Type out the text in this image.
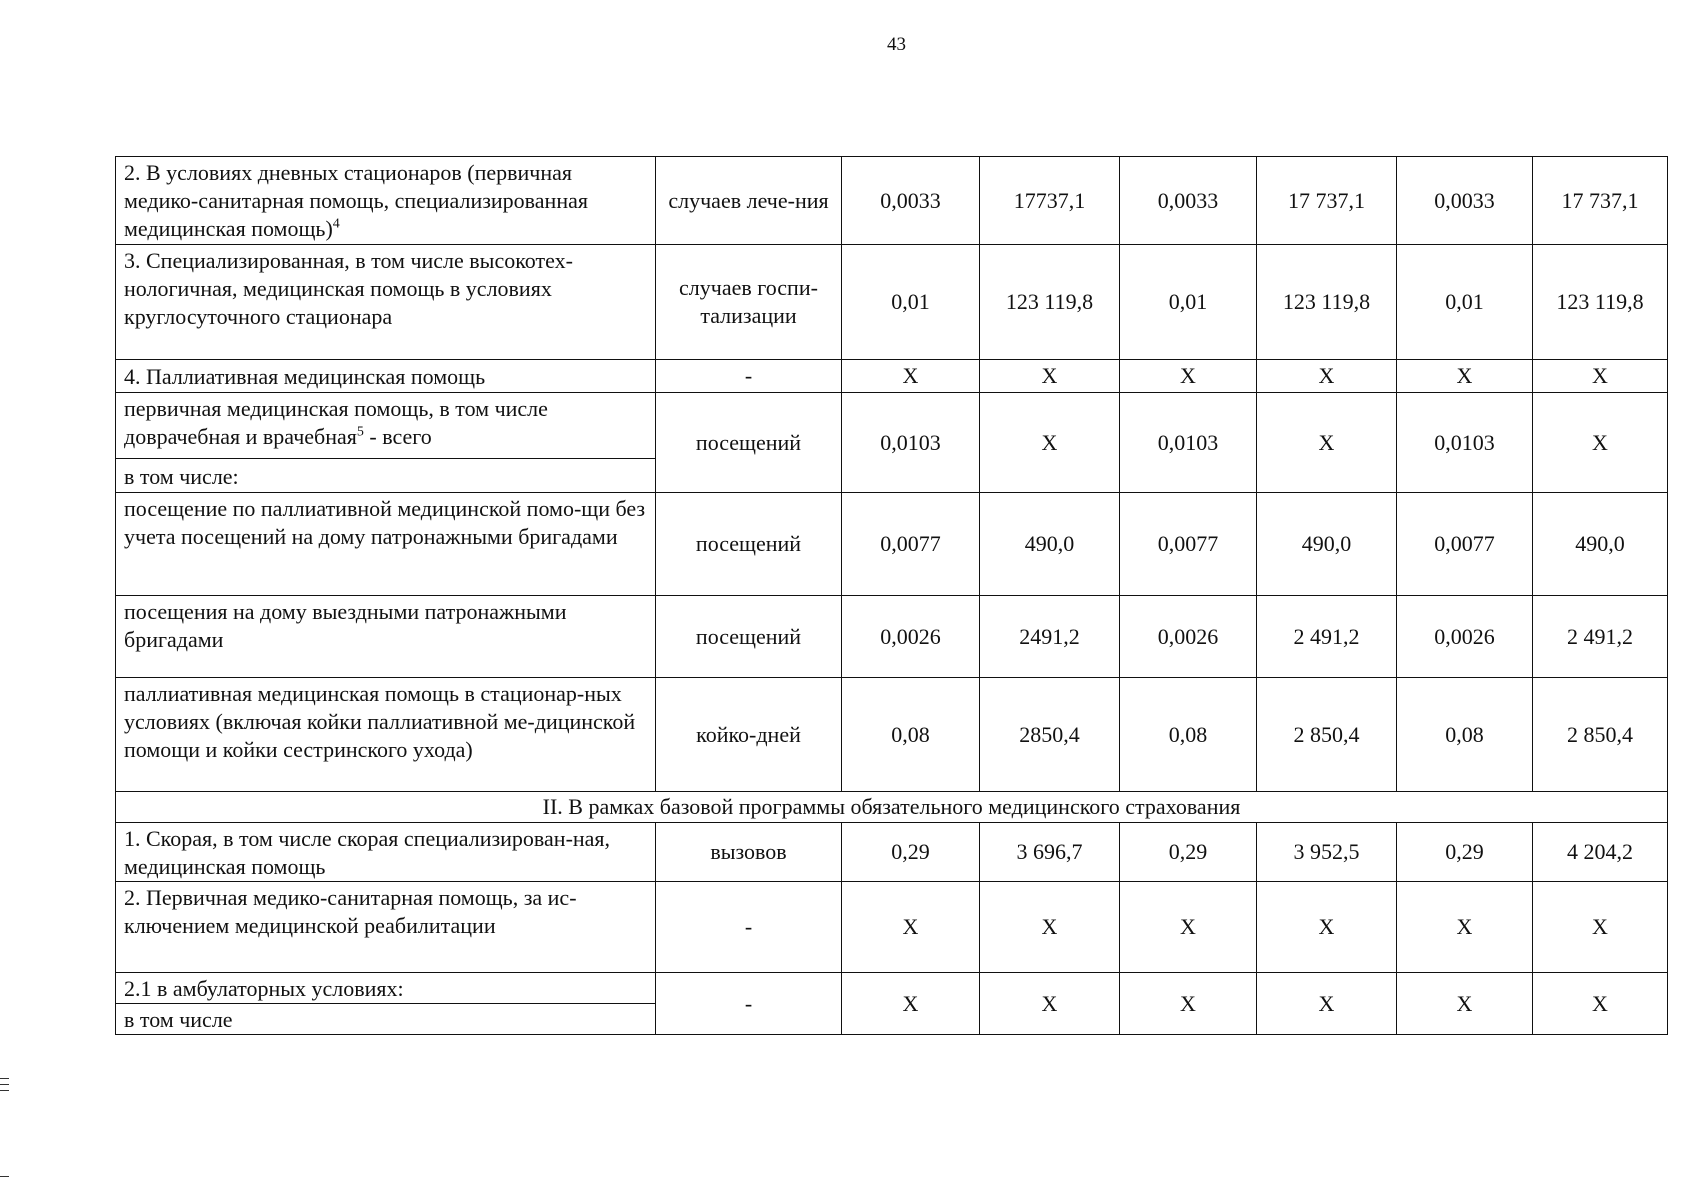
43
2. В условиях дневных стационаров (первичная медико-санитарная помощь, специализированная медицинская помощь)$^4$	случаев лече-ния	0,0033	17737,1	0,0033	17 737,1	0,0033	17 737,1
3. Специализированная, в том числе высокотех-нологичная, медицинская помощь в условиях круглосуточного стационара	случаев госпи-тализации	0,01	123 119,8	0,01	123 119,8	0,01	123 119,8
4. Паллиативная медицинская помощь	-	X	X	X	X	X	X
первичная медицинская помощь, в том числе доврачебная и врачебная$^5$ - всего	посещений	0,0103	X	0,0103	X	0,0103	X
в том числе:							
посещение по паллиативной медицинской помо-щи без учета посещений на дому патронажными бригадами	посещений	0,0077	490,0	0,0077	490,0	0,0077	490,0
посещения на дому выездными патронажными бригадами	посещений	0,0026	2491,2	0,0026	2 491,2	0,0026	2 491,2
паллиативная медицинская помощь в стационар-ных условиях (включая койки паллиативной ме-дицинской помощи и койки сестринского ухода)	койко-дней	0,08	2850,4	0,08	2 850,4	0,08	2 850,4
II. В рамках базовой программы обязательного медицинского страхования							
1. Скорая, в том числе скорая специализирован-ная, медицинская помощь	вызовов	0,29	3 696,7	0,29	3 952,5	0,29	4 204,2
2. Первичная медико-санитарная помощь, за ис-ключением медицинской реабилитации	-	X	X	X	X	X	X
2.1 в амбулаторных условиях:	-	X	X	X	X	X	X
в том числе							
